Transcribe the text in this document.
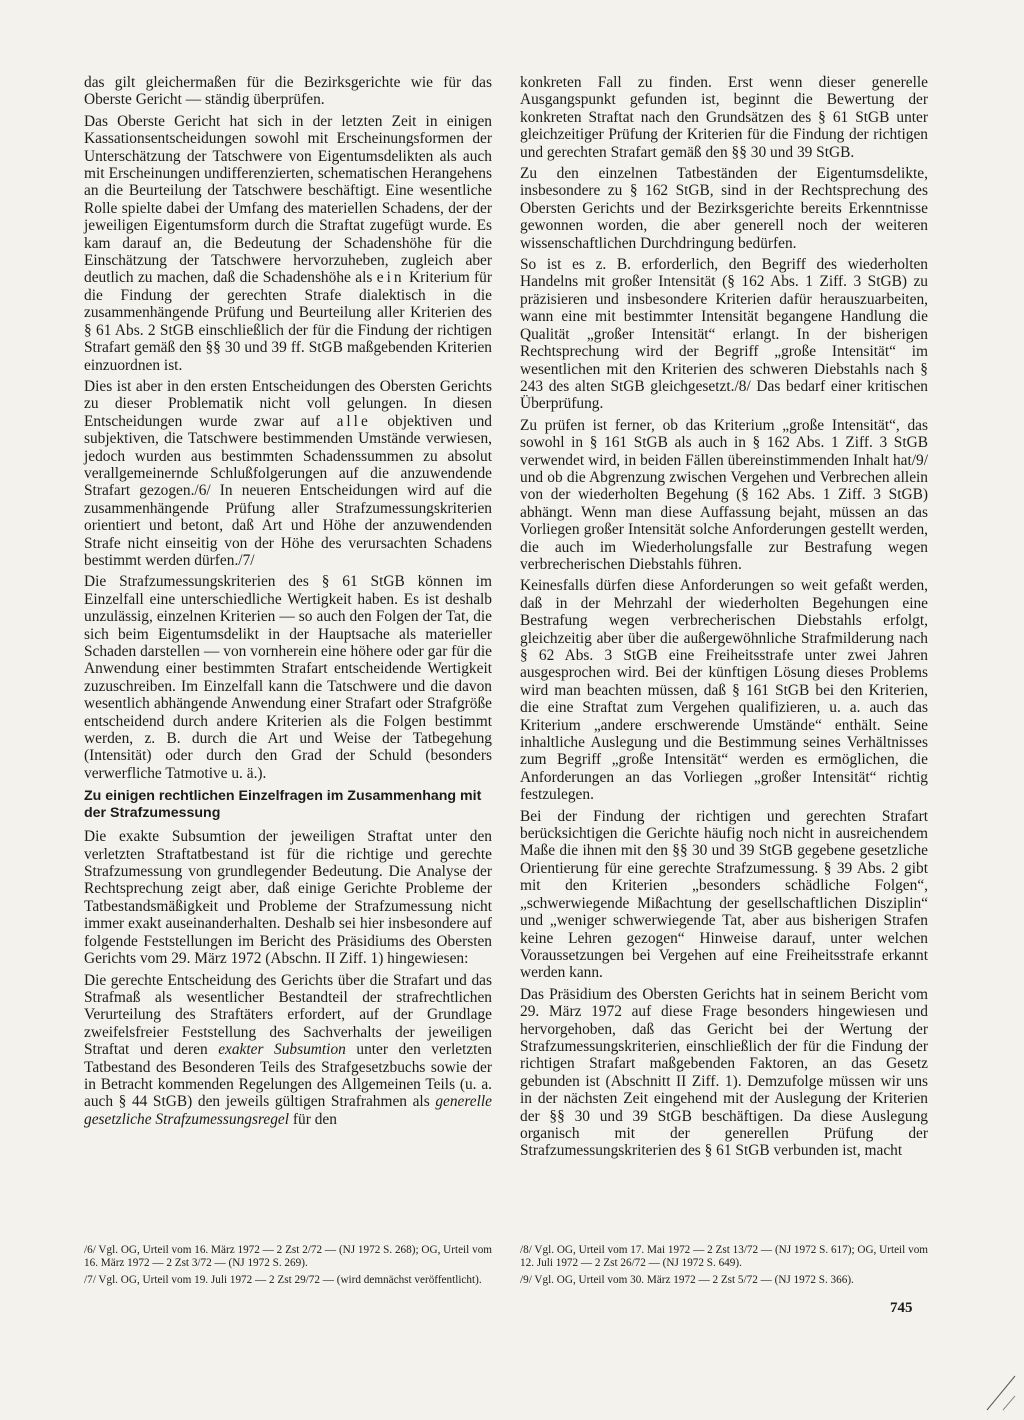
das gilt gleichermaßen für die Bezirksgerichte wie für das Oberste Gericht — ständig überprüfen.

Das Oberste Gericht hat sich in der letzten Zeit in einigen Kassationsentscheidungen sowohl mit Erscheinungsformen der Unterschätzung der Tatschwere von Eigentumsdelikten als auch mit Erscheinungen undifferenzierten, schematischen Herangehens an die Beurteilung der Tatschwere beschäftigt. Eine wesentliche Rolle spielte dabei der Umfang des materiellen Schadens, der der jeweiligen Eigentumsform durch die Straftat zugefügt wurde. Es kam darauf an, die Bedeutung der Schadenshöhe für die Einschätzung der Tatschwere hervorzuheben, zugleich aber deutlich zu machen, daß die Schadenshöhe als ein Kriterium für die Findung der gerechten Strafe dialektisch in die zusammenhängende Prüfung und Beurteilung aller Kriterien des § 61 Abs. 2 StGB einschließlich der für die Findung der richtigen Strafart gemäß den §§ 30 und 39 ff. StGB maßgebenden Kriterien einzuordnen ist.

Dies ist aber in den ersten Entscheidungen des Obersten Gerichts zu dieser Problematik nicht voll gelungen. In diesen Entscheidungen wurde zwar auf alle objektiven und subjektiven, die Tatschwere bestimmenden Umstände verwiesen, jedoch wurden aus bestimmten Schadenssummen zu absolut verallgemeinernde Schlußfolgerungen auf die anzuwendende Strafart gezogen./6/ In neueren Entscheidungen wird auf die zusammenhängende Prüfung aller Strafzumessungskriterien orientiert und betont, daß Art und Höhe der anzuwendenden Strafe nicht einseitig von der Höhe des verursachten Schadens bestimmt werden dürfen./7/

Die Strafzumessungskriterien des § 61 StGB können im Einzelfall eine unterschiedliche Wertigkeit haben. Es ist deshalb unzulässig, einzelnen Kriterien — so auch den Folgen der Tat, die sich beim Eigentumsdelikt in der Hauptsache als materieller Schaden darstellen — von vornherein eine höhere oder gar für die Anwendung einer bestimmten Strafart entscheidende Wertigkeit zuzuschreiben. Im Einzelfall kann die Tatschwere und die davon wesentlich abhängende Anwendung einer Strafart oder Strafgröße entscheidend durch andere Kriterien als die Folgen bestimmt werden, z. B. durch die Art und Weise der Tatbegehung (Intensität) oder durch den Grad der Schuld (besonders verwerfliche Tatmotive u. ä.).

Zu einigen rechtlichen Einzelfragen im Zusammenhang mit der Strafzumessung

Die exakte Subsumtion der jeweiligen Straftat unter den verletzten Straftatbestand ist für die richtige und gerechte Strafzumessung von grundlegender Bedeutung. Die Analyse der Rechtsprechung zeigt aber, daß einige Gerichte Probleme der Tatbestandsmäßigkeit und Probleme der Strafzumessung nicht immer exakt auseinanderhalten. Deshalb sei hier insbesondere auf folgende Feststellungen im Bericht des Präsidiums des Obersten Gerichts vom 29. März 1972 (Abschn. II Ziff. 1) hingewiesen:

Die gerechte Entscheidung des Gerichts über die Strafart und das Strafmaß als wesentlicher Bestandteil der strafrechtlichen Verurteilung des Straftäters erfordert, auf der Grundlage zweifelsfreier Feststellung des Sachverhalts der jeweiligen Straftat und deren exakter Subsumtion unter den verletzten Tatbestand des Besonderen Teils des Strafgesetzbuchs sowie der in Betracht kommenden Regelungen des Allgemeinen Teils (u. a. auch § 44 StGB) den jeweils gültigen Strafrahmen als generelle gesetzliche Strafzumessungsregel für den

konkreten Fall zu finden. Erst wenn dieser generelle Ausgangspunkt gefunden ist, beginnt die Bewertung der konkreten Straftat nach den Grundsätzen des § 61 StGB unter gleichzeitiger Prüfung der Kriterien für die Findung der richtigen und gerechten Strafart gemäß den §§ 30 und 39 StGB.

Zu den einzelnen Tatbeständen der Eigentumsdelikte, insbesondere zu § 162 StGB, sind in der Rechtsprechung des Obersten Gerichts und der Bezirksgerichte bereits Erkenntnisse gewonnen worden, die aber generell noch der weiteren wissenschaftlichen Durchdringung bedürfen.

So ist es z. B. erforderlich, den Begriff des wiederholten Handelns mit großer Intensität (§ 162 Abs. 1 Ziff. 3 StGB) zu präzisieren und insbesondere Kriterien dafür herauszuarbeiten, wann eine mit bestimmter Intensität begangene Handlung die Qualität „großer Intensität“ erlangt. In der bisherigen Rechtsprechung wird der Begriff „große Intensität“ im wesentlichen mit den Kriterien des schweren Diebstahls nach § 243 des alten StGB gleichgesetzt./8/ Das bedarf einer kritischen Überprüfung.

Zu prüfen ist ferner, ob das Kriterium „große Intensität“, das sowohl in § 161 StGB als auch in § 162 Abs. 1 Ziff. 3 StGB verwendet wird, in beiden Fällen übereinstimmenden Inhalt hat/9/ und ob die Abgrenzung zwischen Vergehen und Verbrechen allein von der wiederholten Begehung (§ 162 Abs. 1 Ziff. 3 StGB) abhängt. Wenn man diese Auffassung bejaht, müssen an das Vorliegen großer Intensität solche Anforderungen gestellt werden, die auch im Wiederholungsfalle zur Bestrafung wegen verbrecherischen Diebstahls führen.

Keinesfalls dürfen diese Anforderungen so weit gefaßt werden, daß in der Mehrzahl der wiederholten Begehungen eine Bestrafung wegen verbrecherischen Diebstahls erfolgt, gleichzeitig aber über die außergewöhnliche Strafmilderung nach § 62 Abs. 3 StGB eine Freiheitsstrafe unter zwei Jahren ausgesprochen wird. Bei der künftigen Lösung dieses Problems wird man beachten müssen, daß § 161 StGB bei den Kriterien, die eine Straftat zum Vergehen qualifizieren, u. a. auch das Kriterium „andere erschwerende Umstände“ enthält. Seine inhaltliche Auslegung und die Bestimmung seines Verhältnisses zum Begriff „große Intensität“ werden es ermöglichen, die Anforderungen an das Vorliegen „großer Intensität“ richtig festzulegen.

Bei der Findung der richtigen und gerechten Strafart berücksichtigen die Gerichte häufig noch nicht in ausreichendem Maße die ihnen mit den §§ 30 und 39 StGB gegebene gesetzliche Orientierung für eine gerechte Strafzumessung. § 39 Abs. 2 gibt mit den Kriterien „besonders schädliche Folgen“, „schwerwiegende Mißachtung der gesellschaftlichen Disziplin“ und „weniger schwerwiegende Tat, aber aus bisherigen Strafen keine Lehren gezogen“ Hinweise darauf, unter welchen Voraussetzungen bei Vergehen auf eine Freiheitsstrafe erkannt werden kann.

Das Präsidium des Obersten Gerichts hat in seinem Bericht vom 29. März 1972 auf diese Frage besonders hingewiesen und hervorgehoben, daß das Gericht bei der Wertung der Strafzumessungskriterien, einschließlich der für die Findung der richtigen Strafart maßgebenden Faktoren, an das Gesetz gebunden ist (Abschnitt II Ziff. 1). Demzufolge müssen wir uns in der nächsten Zeit eingehend mit der Auslegung der Kriterien der §§ 30 und 39 StGB beschäftigen. Da diese Auslegung organisch mit der generellen Prüfung der Strafzumessungskriterien des § 61 StGB verbunden ist, macht

/6/ Vgl. OG, Urteil vom 16. März 1972 — 2 Zst 2/72 — (NJ 1972 S. 268); OG, Urteil vom 16. März 1972 — 2 Zst 3/72 — (NJ 1972 S. 269).

/7/ Vgl. OG, Urteil vom 19. Juli 1972 — 2 Zst 29/72 — (wird demnächst veröffentlicht).

/8/ Vgl. OG, Urteil vom 17. Mai 1972 — 2 Zst 13/72 — (NJ 1972 S. 617); OG, Urteil vom 12. Juli 1972 — 2 Zst 26/72 — (NJ 1972 S. 649).

/9/ Vgl. OG, Urteil vom 30. März 1972 — 2 Zst 5/72 — (NJ 1972 S. 366).

745
